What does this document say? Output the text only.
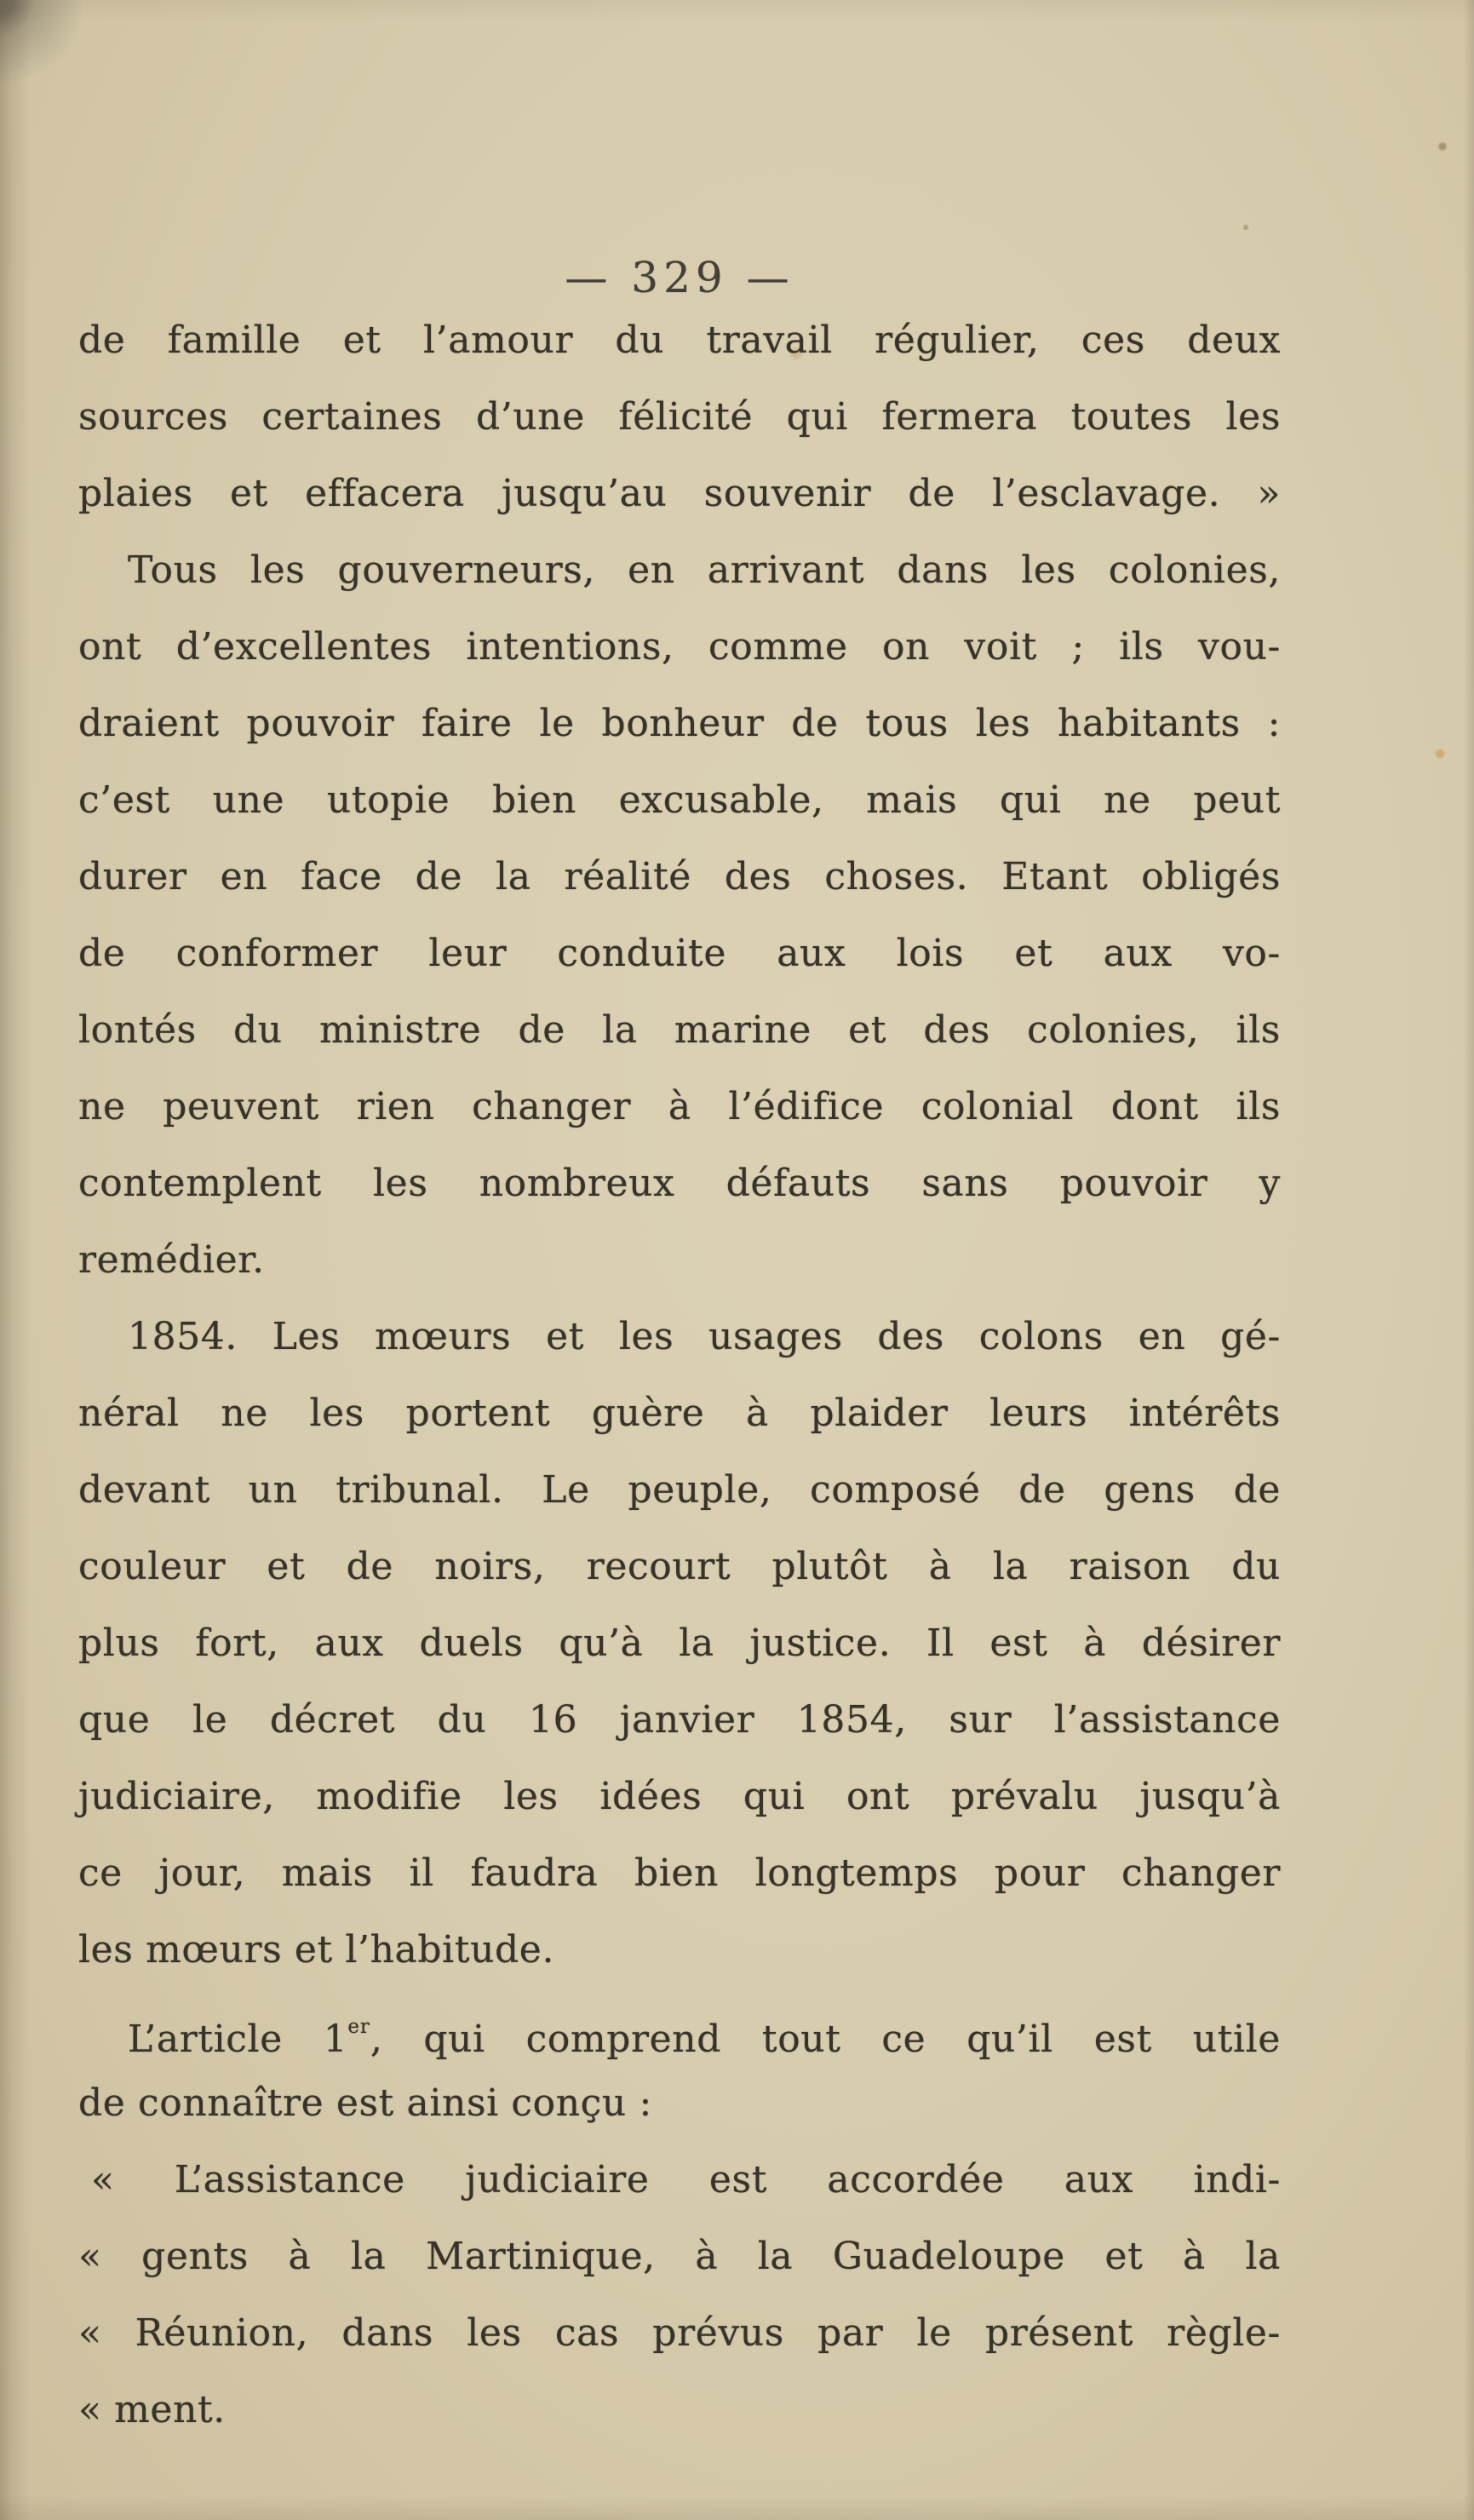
— 329 —
de famille et l’amour du travail régulier, ces deux
sources certaines d’une félicité qui fermera toutes les
plaies et effacera jusqu’au souvenir de l’esclavage. »
Tous les gouverneurs, en arrivant dans les colonies,
ont d’excellentes intentions, comme on voit ; ils vou-
draient pouvoir faire le bonheur de tous les habitants :
c’est une utopie bien excusable, mais qui ne peut
durer en face de la réalité des choses. Etant obligés
de conformer leur conduite aux lois et aux vo-
lontés du ministre de la marine et des colonies, ils
ne peuvent rien changer à l’édifice colonial dont ils
contemplent les nombreux défauts sans pouvoir y
remédier.
1854. Les mœurs et les usages des colons en gé-
néral ne les portent guère à plaider leurs intérêts
devant un tribunal. Le peuple, composé de gens de
couleur et de noirs, recourt plutôt à la raison du
plus fort, aux duels qu’à la justice. Il est à désirer
que le décret du 16 janvier 1854, sur l’assistance
judiciaire, modifie les idées qui ont prévalu jusqu’à
ce jour, mais il faudra bien longtemps pour changer
les mœurs et l’habitude.
L’article 1er, qui comprend tout ce qu’il est utile
de connaître est ainsi conçu :
« L’assistance judiciaire est accordée aux indi-
« gents à la Martinique, à la Guadeloupe et à la
« Réunion, dans les cas prévus par le présent règle-
« ment.
